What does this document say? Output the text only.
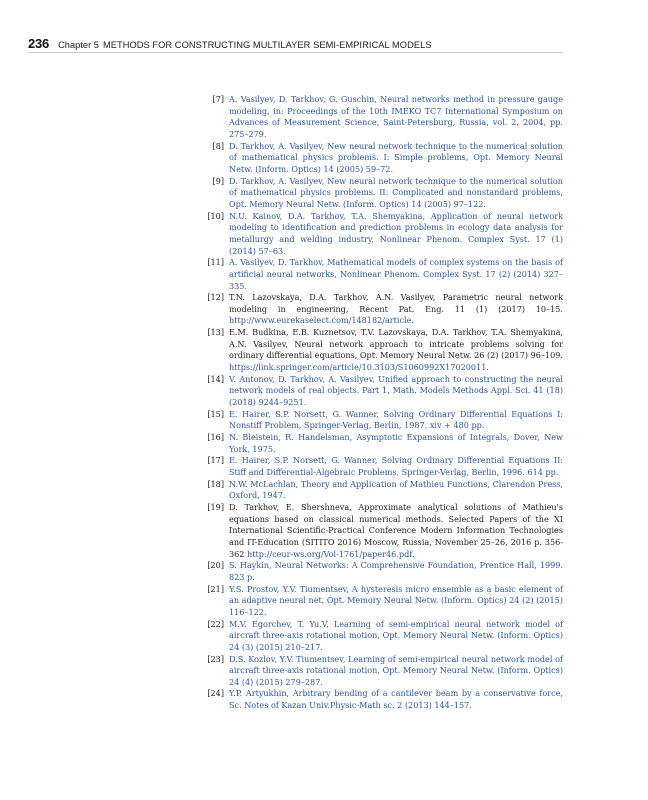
236 Chapter 5 METHODS FOR CONSTRUCTING MULTILAYER SEMI-EMPIRICAL MODELS
[7] A. Vasilyev, D. Tarkhov, G. Guschin, Neural networks method in pressure gauge modeling, in: Proceedings of the 10th IMEKO TC7 International Symposium on Advances of Measurement Science, Saint-Petersburg, Russia, vol. 2, 2004, pp. 275–279.
[8] D. Tarkhov, A. Vasilyev, New neural network technique to the numerical solution of mathematical physics problems. I: Simple problems, Opt. Memory Neural Netw. (Inform. Optics) 14 (2005) 59–72.
[9] D. Tarkhov, A. Vasilyev, New neural network technique to the numerical solution of mathematical physics problems. II: Complicated and nonstandard problems, Opt. Memory Neural Netw. (Inform. Optics) 14 (2005) 97–122.
[10] N.U. Kainov, D.A. Tarkhov, T.A. Shemyakina, Application of neural network modeling to identification and prediction problems in ecology data analysis for metallurgy and welding industry, Nonlinear Phenom. Complex Syst. 17 (1) (2014) 57–63.
[11] A. Vasilyev, D. Tarkhov, Mathematical models of complex systems on the basis of artificial neural networks, Nonlinear Phenom. Complex Syst. 17 (2) (2014) 327–335.
[12] T.N. Lazovskaya, D.A. Tarkhov, A.N. Vasilyev, Parametric neural network modeling in engineering, Recent Pat. Eng. 11 (1) (2017) 10–15. http://www.eurekaselect.com/148182/article.
[13] E.M. Budkina, E.B. Kuznetsov, T.V. Lazovskaya, D.A. Tarkhov, T.A. Shemyakina, A.N. Vasilyev, Neural network approach to intricate problems solving for ordinary differential equations, Opt. Memory Neural Netw. 26 (2) (2017) 96–109. https://link.springer.com/article/10.3103/S1060992X17020011.
[14] V. Antonov, D. Tarkhov, A. Vasilyev, Unified approach to constructing the neural network models of real objects. Part 1, Math. Models Methods Appl. Sci. 41 (18) (2018) 9244–9251.
[15] E. Hairer, S.P. Norsett, G. Wanner, Solving Ordinary Differential Equations I: Nonstiff Problem, Springer-Verlag, Berlin, 1987. xiv + 480 pp.
[16] N. Bleistein, R. Handelsman, Asymptotic Expansions of Integrals, Dover, New York, 1975.
[17] E. Hairer, S.P. Norsett, G. Wanner, Solving Ordinary Differential Equations II: Stiff and Differential-Algebraic Problems, Springer-Verlag, Berlin, 1996. 614 pp.
[18] N.W. McLachlan, Theory and Application of Mathieu Functions, Clarendon Press, Oxford, 1947.
[19] D. Tarkhov, E. Shershneva, Approximate analytical solutions of Mathieu's equations based on classical numerical methods. Selected Papers of the XI International Scientific-Practical Conference Modern Information Technologies and IT-Education (SITITO 2016) Moscow, Russia, November 25–26, 2016 p. 356-362 http://ceur-ws.org/Vol-1761/paper46.pdf.
[20] S. Haykin, Neural Networks: A Comprehensive Foundation, Prentice Hall, 1999. 823 p.
[21] Y.S. Prostov, Y.V. Tiumentsev, A hysteresis micro ensemble as a basic element of an adaptive neural net, Opt. Memory Neural Netw. (Inform. Optics) 24 (2) (2015) 116–122.
[22] M.V. Egorchev, T. Yu.V, Learning of semi-empirical neural network model of aircraft three-axis rotational motion, Opt. Memory Neural Netw. (Inform. Optics) 24 (3) (2015) 210–217.
[23] D.S. Kozlov, Y.V. Tiumentsev, Learning of semi-empirical neural network model of aircraft three-axis rotational motion, Opt. Memory Neural Netw. (Inform. Optics) 24 (4) (2015) 279–287.
[24] Y.P. Artyukhin, Arbitrary bending of a cantilever beam by a conservative force, Sc. Notes of Kazan Univ.Physic-Math sc. 2 (2013) 144–157.
